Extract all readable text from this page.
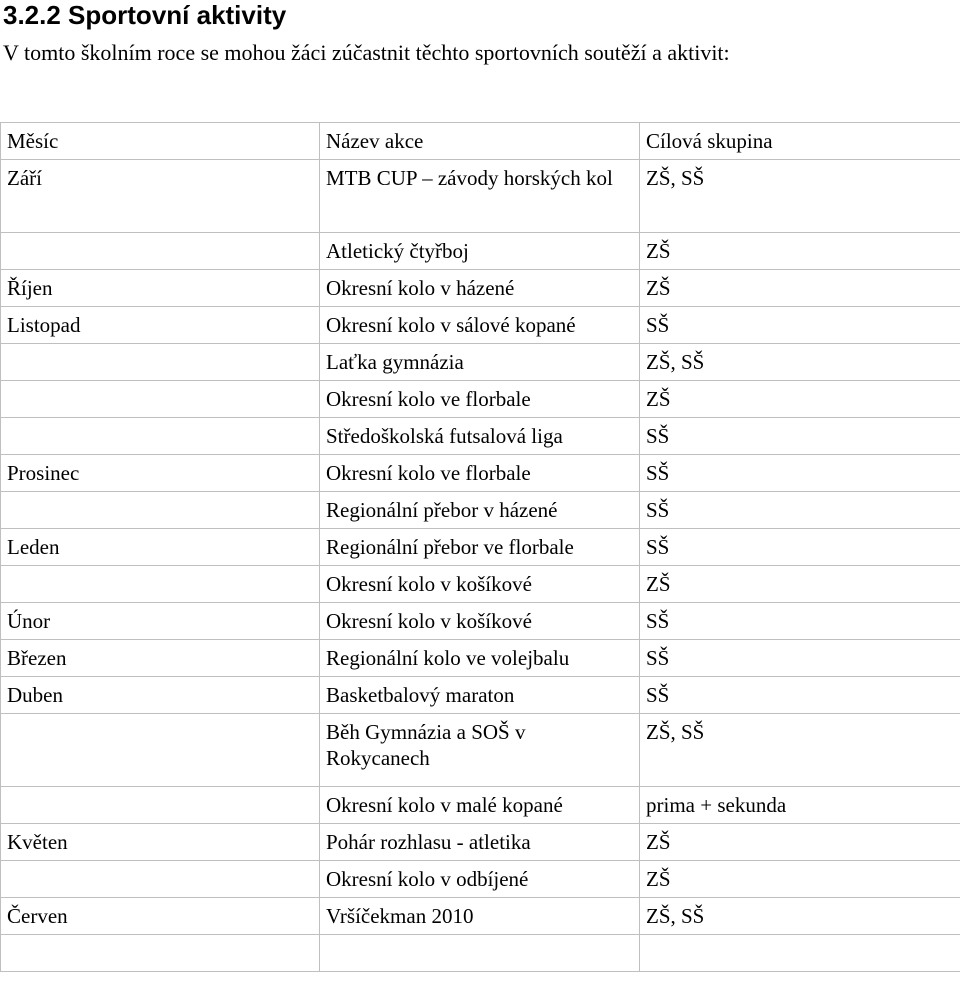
3.2.2 Sportovní aktivity
V tomto školním roce se mohou žáci zúčastnit těchto sportovních soutěží a aktivit:
Měsíc	Název akce	Cílová skupina
Září	MTB CUP – závody horských kol	ZŠ, SŠ
	Atletický čtyřboj	ZŠ
Říjen	Okresní kolo v házené	ZŠ
Listopad	Okresní kolo v sálové kopané	SŠ
	Laťka gymnázia	ZŠ, SŠ
	Okresní kolo ve florbale	ZŠ
	Středoškolská futsalová liga	SŠ
Prosinec	Okresní kolo ve florbale	SŠ
	Regionální přebor v házené	SŠ
Leden	Regionální přebor ve florbale	SŠ
	Okresní kolo v košíkové	ZŠ
Únor	Okresní kolo v košíkové	SŠ
Březen	Regionální kolo ve volejbalu	SŠ
Duben	Basketbalový maraton	SŠ
	Běh Gymnázia a SOŠ v Rokycanech	ZŠ, SŠ
	Okresní kolo v malé kopané	prima + sekunda
Květen	Pohár rozhlasu - atletika	ZŠ
	Okresní kolo v odbíjené	ZŠ
Červen	Vršíčekman 2010	ZŠ, SŠ
